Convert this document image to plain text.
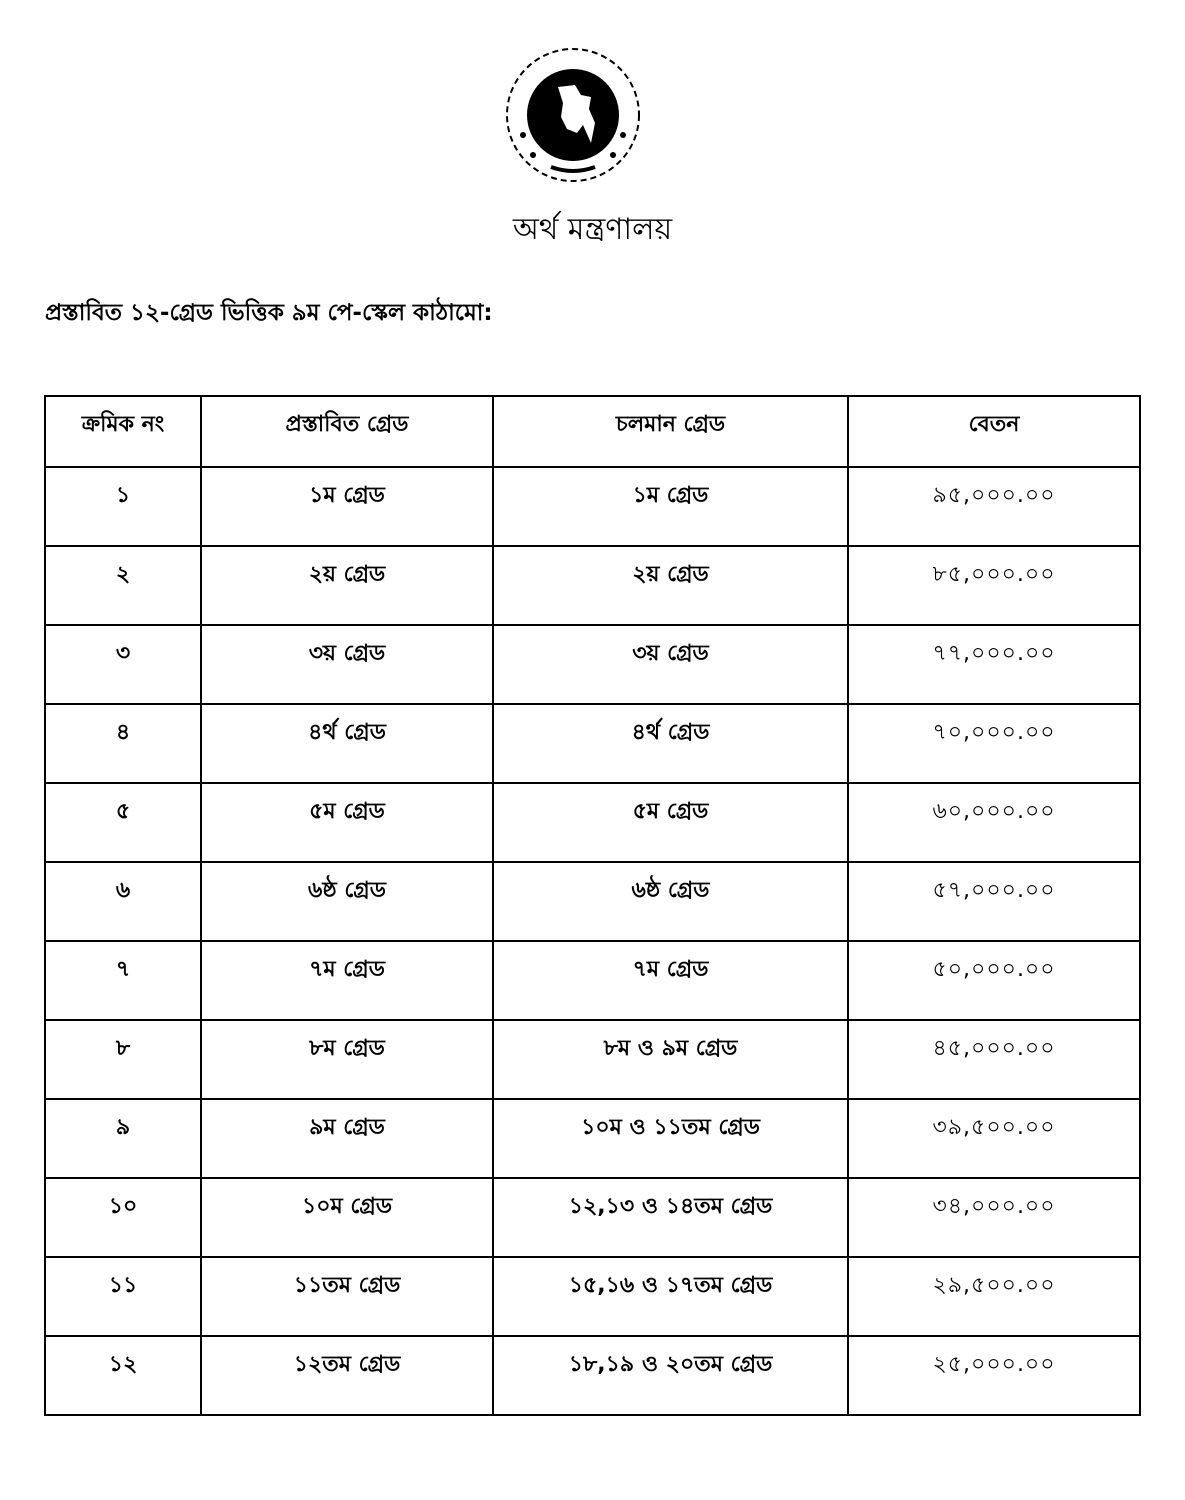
অর্থ মন্ত্রণালয়
প্রস্তাবিত ১২-গ্রেড ভিত্তিক ৯ম পে-স্কেল কাঠামো:
ক্রমিক নং	প্রস্তাবিত গ্রেড	চলমান গ্রেড	বেতন
১	১ম গ্রেড	১ম গ্রেড	৯৫,০০০.০০
২	২য় গ্রেড	২য় গ্রেড	৮৫,০০০.০০
৩	৩য় গ্রেড	৩য় গ্রেড	৭৭,০০০.০০
৪	৪র্থ গ্রেড	৪র্থ গ্রেড	৭০,০০০.০০
৫	৫ম গ্রেড	৫ম গ্রেড	৬০,০০০.০০
৬	৬ষ্ঠ গ্রেড	৬ষ্ঠ গ্রেড	৫৭,০০০.০০
৭	৭ম গ্রেড	৭ম গ্রেড	৫০,০০০.০০
৮	৮ম গ্রেড	৮ম ও ৯ম গ্রেড	৪৫,০০০.০০
৯	৯ম গ্রেড	১০ম ও ১১তম গ্রেড	৩৯,৫০০.০০
১০	১০ম গ্রেড	১২,১৩ ও ১৪তম গ্রেড	৩৪,০০০.০০
১১	১১তম গ্রেড	১৫,১৬ ও ১৭তম গ্রেড	২৯,৫০০.০০
১২	১২তম গ্রেড	১৮,১৯ ও ২০তম গ্রেড	২৫,০০০.০০
